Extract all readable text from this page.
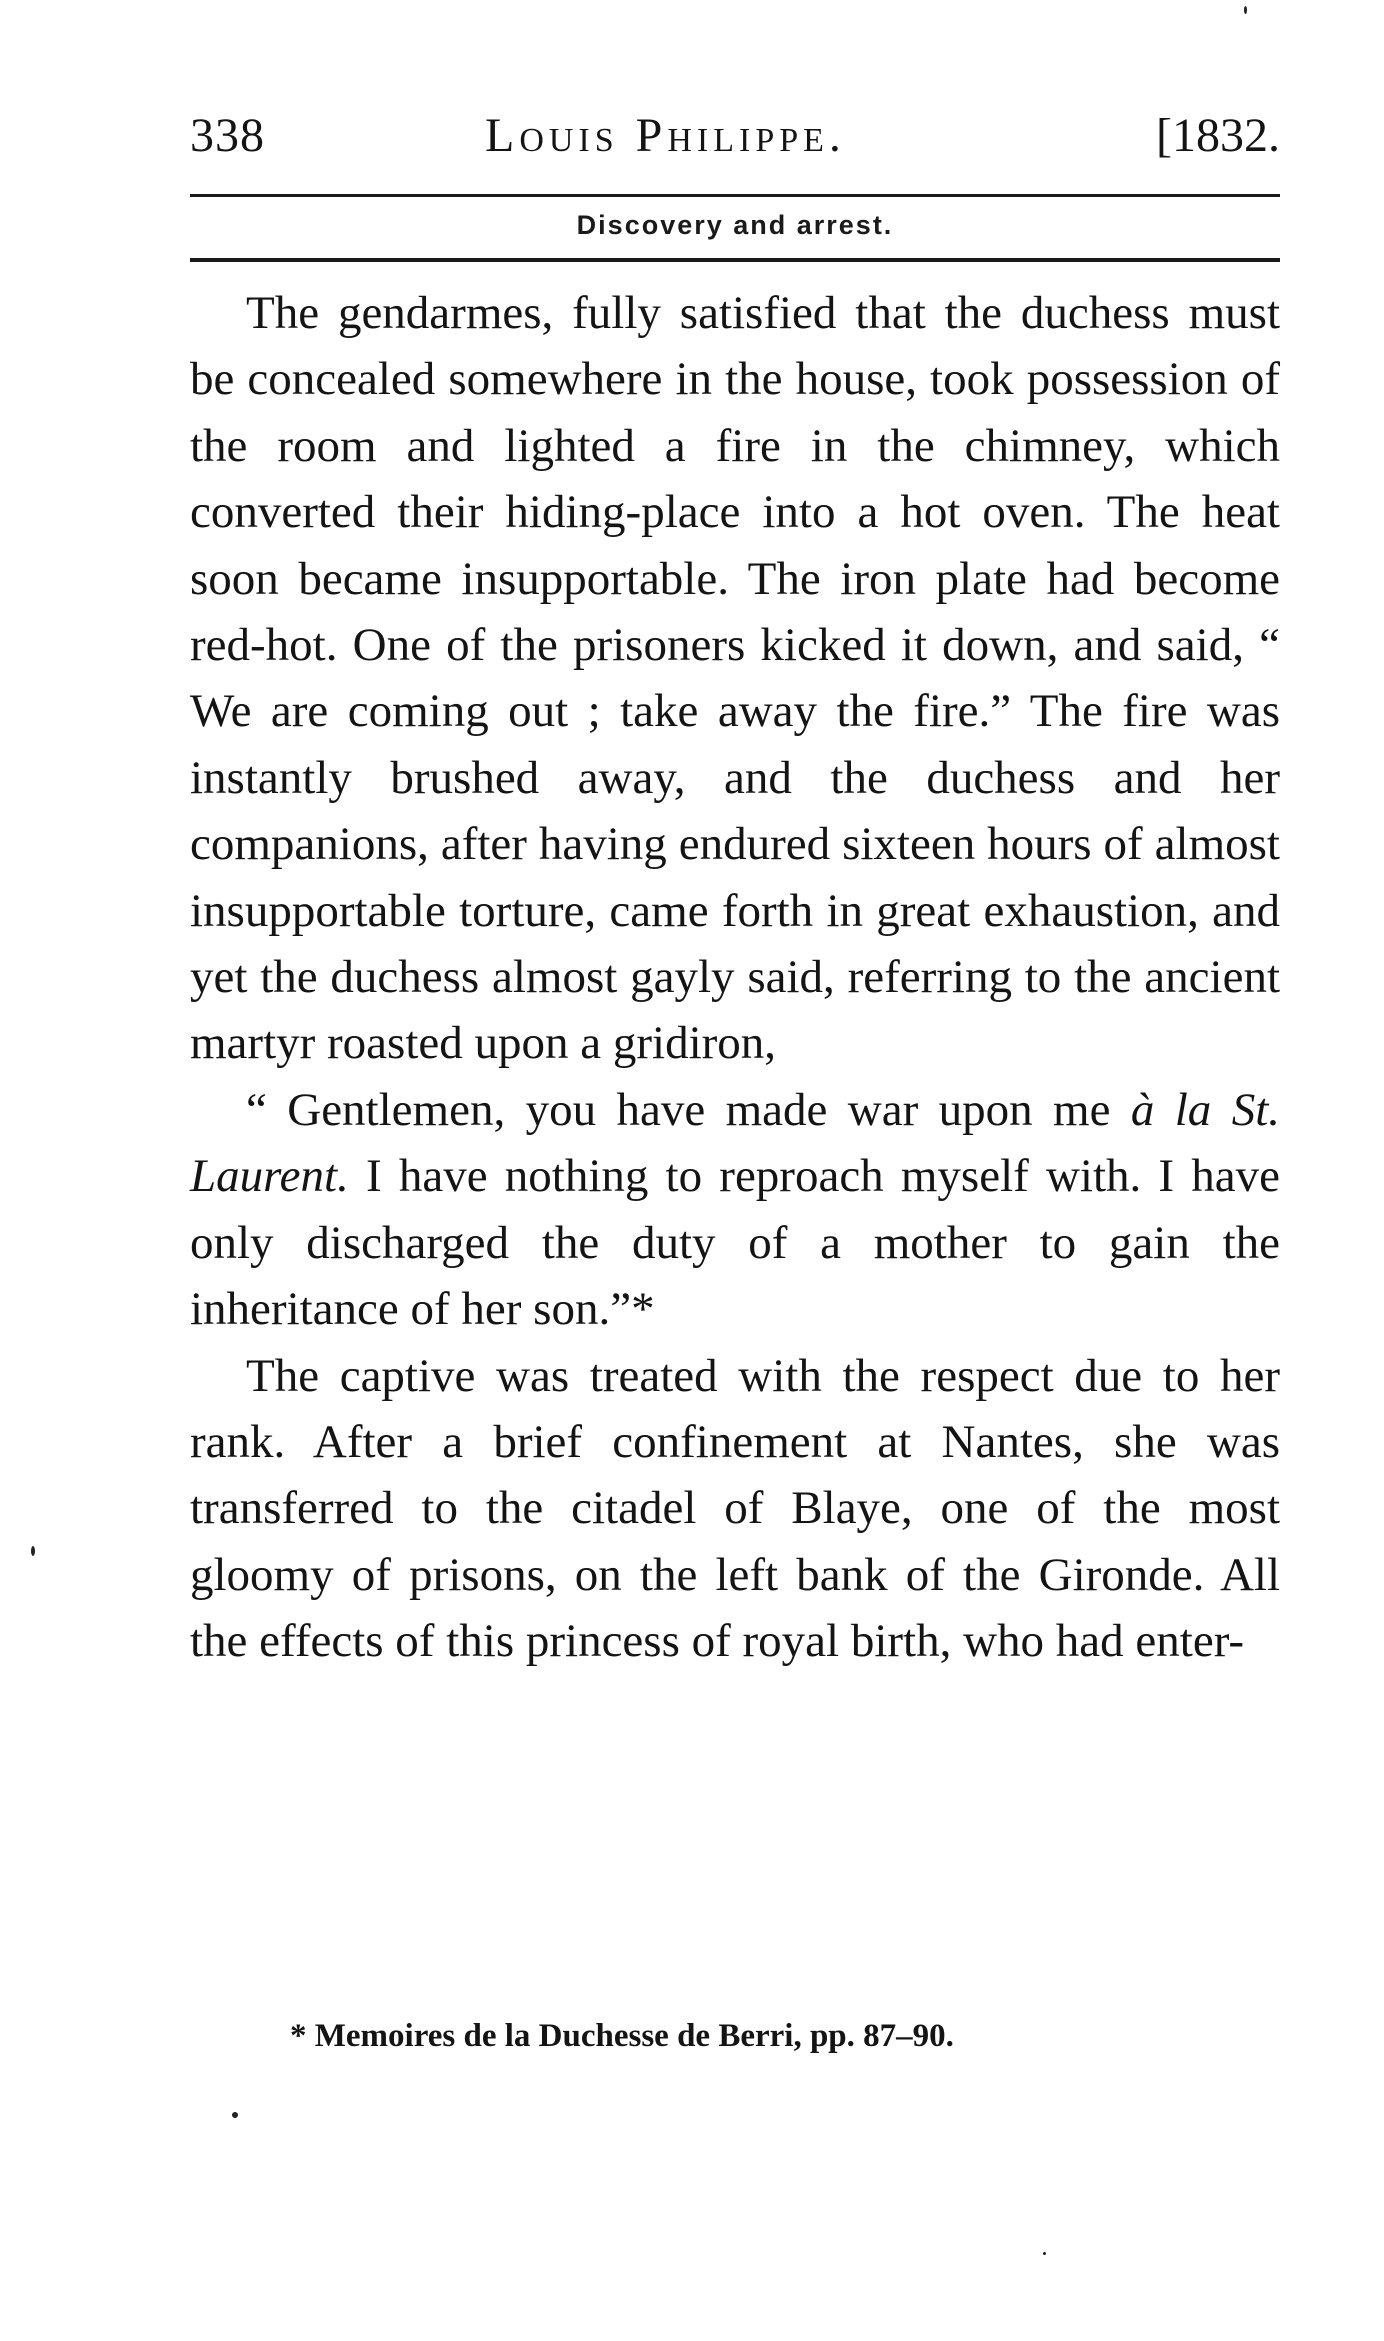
338	Louis Philippe.	[1832.
Discovery and arrest.

The gendarmes, fully satisfied that the duchess must be concealed somewhere in the house, took possession of the room and lighted a fire in the chimney, which converted their hiding-place into a hot oven. The heat soon became insupportable. The iron plate had become red-hot. One of the prisoners kicked it down, and said, “ We are coming out ; take away the fire.” The fire was instantly brushed away, and the duchess and her companions, after having endured sixteen hours of almost insupportable torture, came forth in great exhaustion, and yet the duchess almost gayly said, referring to the ancient martyr roasted upon a gridiron,

“ Gentlemen, you have made war upon me à la St. Laurent. I have nothing to reproach myself with. I have only discharged the duty of a mother to gain the inheritance of her son.”*

The captive was treated with the respect due to her rank. After a brief confinement at Nantes, she was transferred to the citadel of Blaye, one of the most gloomy of prisons, on the left bank of the Gironde. All the effects of this princess of royal birth, who had enter-

* Memoires de la Duchesse de Berri, pp. 87–90.
